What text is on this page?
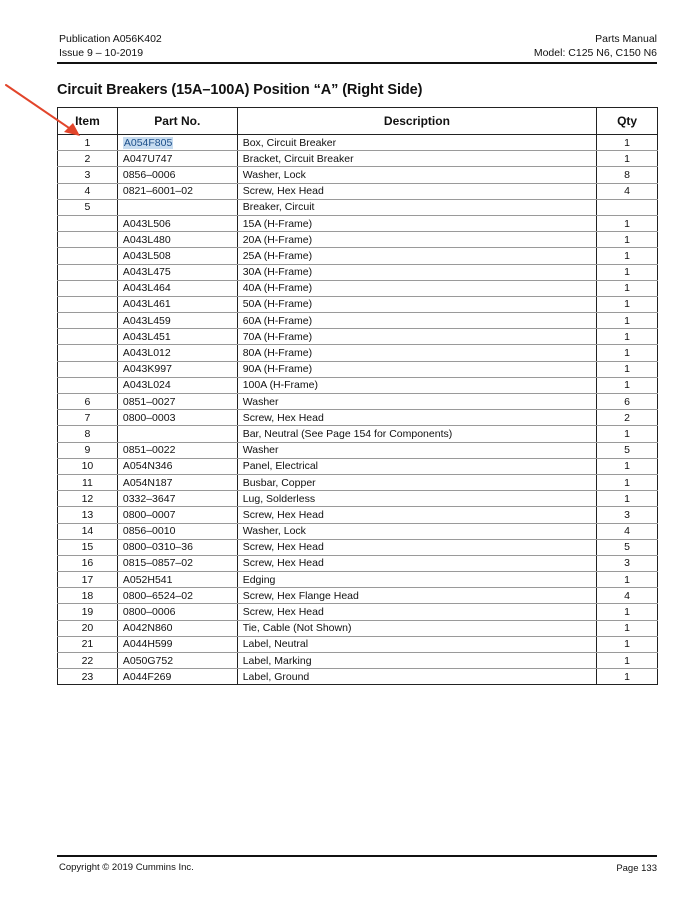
Publication A056K402
Issue 9 – 10-2019
Parts Manual
Model: C125 N6, C150 N6
Circuit Breakers (15A–100A) Position “A” (Right Side)
Item	Part No.	Description	Qty
1	A054F805	Box, Circuit Breaker	1
2	A047U747	Bracket, Circuit Breaker	1
3	0856–0006	Washer, Lock	8
4	0821–6001–02	Screw, Hex Head	4
5		Breaker, Circuit	
	A043L506	15A (H-Frame)	1
	A043L480	20A (H-Frame)	1
	A043L508	25A (H-Frame)	1
	A043L475	30A (H-Frame)	1
	A043L464	40A (H-Frame)	1
	A043L461	50A (H-Frame)	1
	A043L459	60A (H-Frame)	1
	A043L451	70A (H-Frame)	1
	A043L012	80A (H-Frame)	1
	A043K997	90A (H-Frame)	1
	A043L024	100A (H-Frame)	1
6	0851–0027	Washer	6
7	0800–0003	Screw, Hex Head	2
8		Bar, Neutral (See Page 154 for Components)	1
9	0851–0022	Washer	5
10	A054N346	Panel, Electrical	1
11	A054N187	Busbar, Copper	1
12	0332–3647	Lug, Solderless	1
13	0800–0007	Screw, Hex Head	3
14	0856–0010	Washer, Lock	4
15	0800–0310–36	Screw, Hex Head	5
16	0815–0857–02	Screw, Hex Head	3
17	A052H541	Edging	1
18	0800–6524–02	Screw, Hex Flange Head	4
19	0800–0006	Screw, Hex Head	1
20	A042N860	Tie, Cable (Not Shown)	1
21	A044H599	Label, Neutral	1
22	A050G752	Label, Marking	1
23	A044F269	Label, Ground	1
Copyright © 2019 Cummins Inc.	Page 133
